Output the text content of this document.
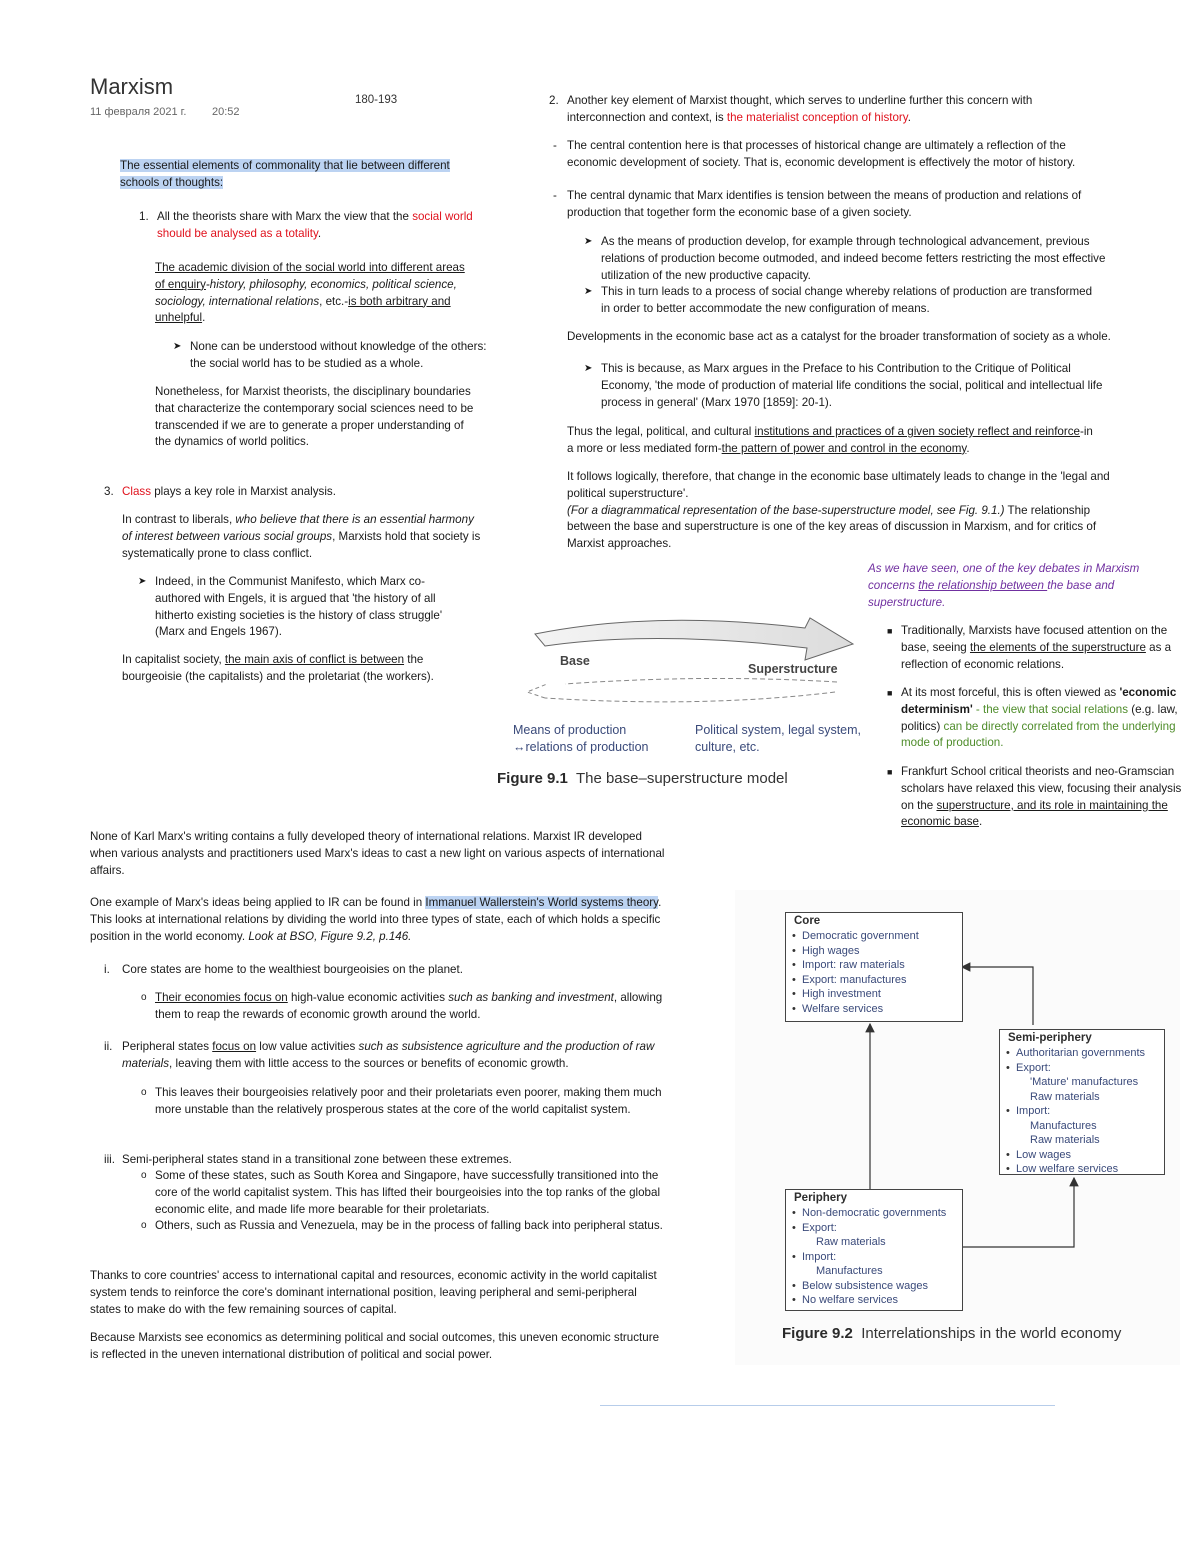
Marxism
11 февраля 2021 г. 20:52
180-193
The essential elements of commonality that lie between different schools of thoughts:
1. All the theorists share with Marx the view that the social world should be analysed as a totality.
The academic division of the social world into different areas of enquiry-history, philosophy, economics, political science, sociology, international relations, etc.-is both arbitrary and unhelpful.
➤ None can be understood without knowledge of the others: the social world has to be studied as a whole.
Nonetheless, for Marxist theorists, the disciplinary boundaries that characterize the contemporary social sciences need to be transcended if we are to generate a proper understanding of the dynamics of world politics.
3. Class plays a key role in Marxist analysis.
In contrast to liberals, who believe that there is an essential harmony of interest between various social groups, Marxists hold that society is systematically prone to class conflict.
➤ Indeed, in the Communist Manifesto, which Marx co-authored with Engels, it is argued that 'the history of all hitherto existing societies is the history of class struggle' (Marx and Engels 1967).
In capitalist society, the main axis of conflict is between the bourgeoisie (the capitalists) and the proletariat (the workers).
2. Another key element of Marxist thought, which serves to underline further this concern with interconnection and context, is the materialist conception of history.
- The central contention here is that processes of historical change are ultimately a reflection of the economic development of society. That is, economic development is effectively the motor of history.
- The central dynamic that Marx identifies is tension between the means of production and relations of production that together form the economic base of a given society.
➤ As the means of production develop, for example through technological advancement, previous relations of production become outmoded, and indeed become fetters restricting the most effective utilization of the new productive capacity.
➤ This in turn leads to a process of social change whereby relations of production are transformed in order to better accommodate the new configuration of means.
Developments in the economic base act as a catalyst for the broader transformation of society as a whole.
➤ This is because, as Marx argues in the Preface to his Contribution to the Critique of Political Economy, 'the mode of production of material life conditions the social, political and intellectual life process in general' (Marx 1970 [1859]: 20-1).
Thus the legal, political, and cultural institutions and practices of a given society reflect and reinforce-in a more or less mediated form-the pattern of power and control in the economy.
It follows logically, therefore, that change in the economic base ultimately leads to change in the 'legal and political superstructure'.
(For a diagrammatical representation of the base-superstructure model, see Fig. 9.1.) The relationship between the base and superstructure is one of the key areas of discussion in Marxism, and for critics of Marxist approaches.
As we have seen, one of the key debates in Marxism concerns the relationship between the base and superstructure.
■ Traditionally, Marxists have focused attention on the base, seeing the elements of the superstructure as a reflection of economic relations.
■ At its most forceful, this is often viewed as 'economic determinism' - the view that social relations (e.g. law, politics) can be directly correlated from the underlying mode of production.
■ Frankfurt School critical theorists and neo-Gramscian scholars have relaxed this view, focusing their analysis on the superstructure, and its role in maintaining the economic base.
Base
Superstructure
Means of production
↔relations of production
Political system, legal system,
culture, etc.
Figure 9.1 The base–superstructure model
None of Karl Marx's writing contains a fully developed theory of international relations. Marxist IR developed when various analysts and practitioners used Marx's ideas to cast a new light on various aspects of international affairs.
One example of Marx's ideas being applied to IR can be found in Immanuel Wallerstein's World systems theory. This looks at international relations by dividing the world into three types of state, each of which holds a specific position in the world economy. Look at BSO, Figure 9.2, p.146.
i. Core states are home to the wealthiest bourgeoisies on the planet.
o Their economies focus on high-value economic activities such as banking and investment, allowing them to reap the rewards of economic growth around the world.
ii. Peripheral states focus on low value activities such as subsistence agriculture and the production of raw materials, leaving them with little access to the sources or benefits of economic growth.
o This leaves their bourgeoisies relatively poor and their proletariats even poorer, making them much more unstable than the relatively prosperous states at the core of the world capitalist system.
iii. Semi-peripheral states stand in a transitional zone between these extremes.
o Some of these states, such as South Korea and Singapore, have successfully transitioned into the core of the world capitalist system. This has lifted their bourgeoisies into the top ranks of the global economic elite, and made life more bearable for their proletariats.
o Others, such as Russia and Venezuela, may be in the process of falling back into peripheral status.
Thanks to core countries' access to international capital and resources, economic activity in the world capitalist system tends to reinforce the core's dominant international position, leaving peripheral and semi-peripheral states to make do with the few remaining sources of capital.
Because Marxists see economics as determining political and social outcomes, this uneven economic structure is reflected in the uneven international distribution of political and social power.
Core
• Democratic government
• High wages
• Import: raw materials
• Export: manufactures
• High investment
• Welfare services
Semi-periphery
• Authoritarian governments
• Export:
'Mature' manufactures
Raw materials
• Import:
Manufactures
Raw materials
• Low wages
• Low welfare services
Periphery
• Non-democratic governments
• Export:
Raw materials
• Import:
Manufactures
• Below subsistence wages
• No welfare services
Figure 9.2 Interrelationships in the world economy
